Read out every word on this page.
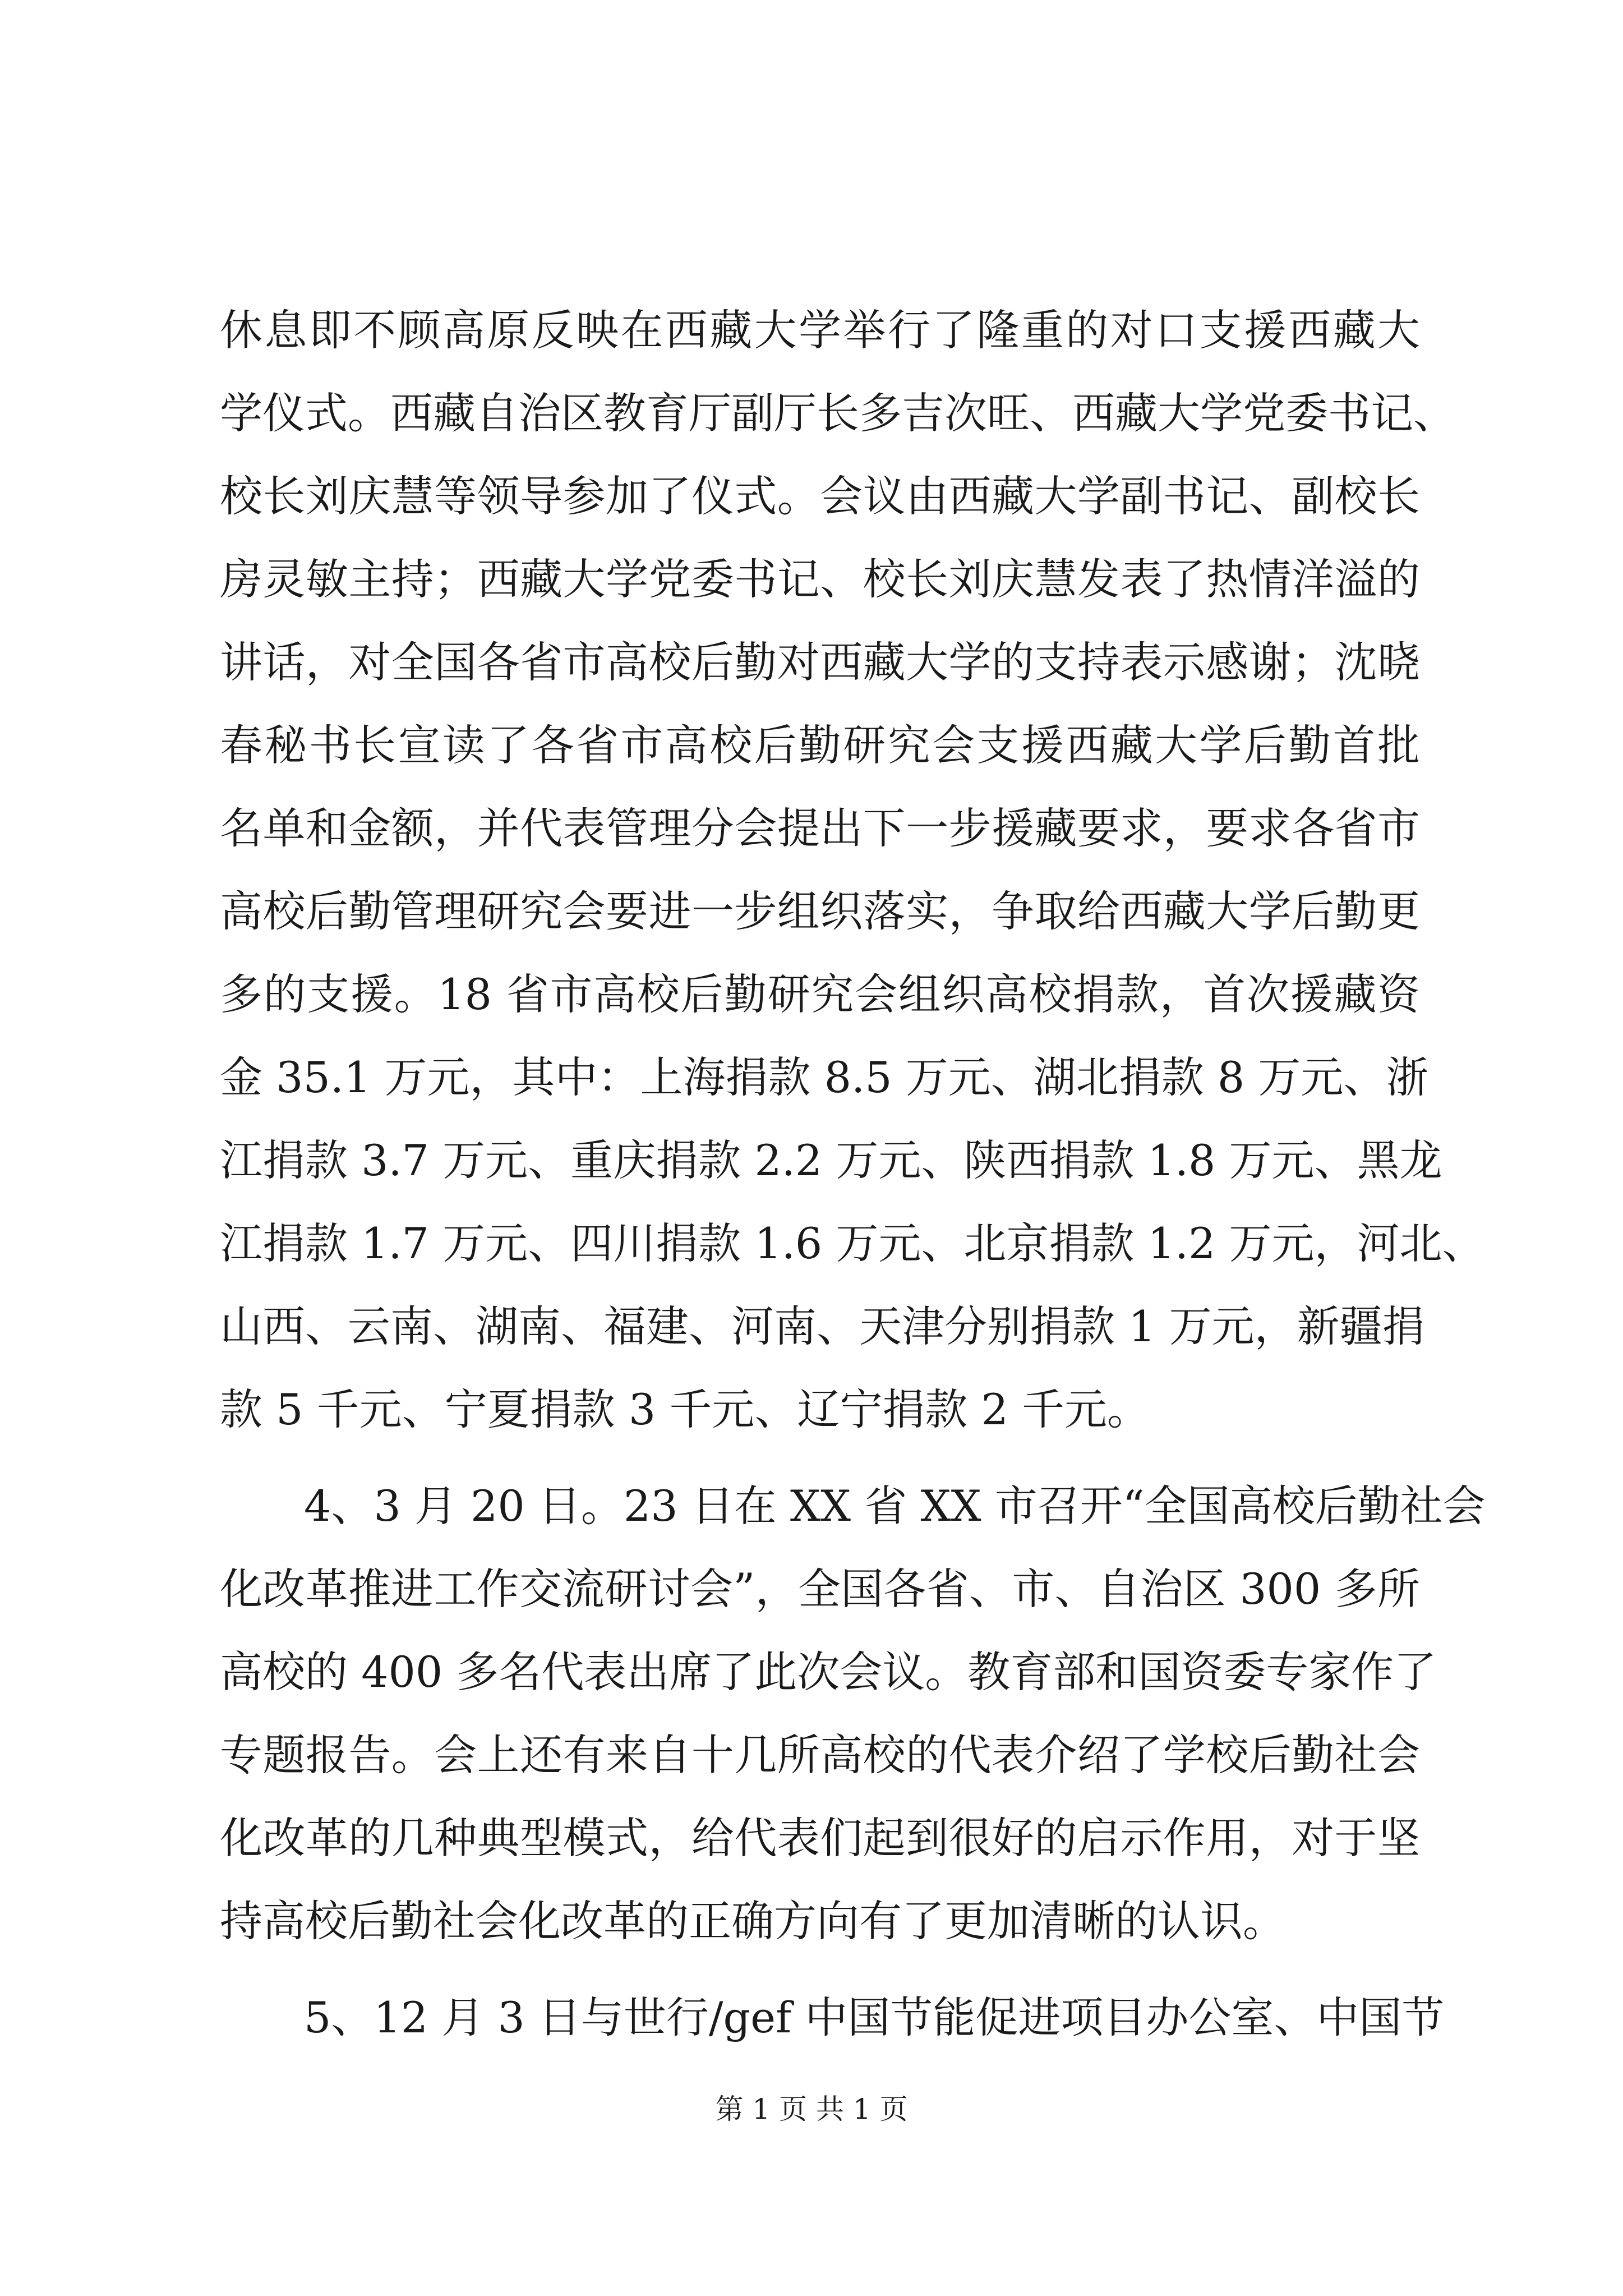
休息即不顾高原反映在西藏大学举行了隆重的对口支援西藏大
学仪式。西藏自治区教育厅副厅长多吉次旺、西藏大学党委书记、
校长刘庆慧等领导参加了仪式。会议由西藏大学副书记、副校长
房灵敏主持；西藏大学党委书记、校长刘庆慧发表了热情洋溢的
讲话，对全国各省市高校后勤对西藏大学的支持表示感谢；沈晓
春秘书长宣读了各省市高校后勤研究会支援西藏大学后勤首批
名单和金额，并代表管理分会提出下一步援藏要求，要求各省市
高校后勤管理研究会要进一步组织落实，争取给西藏大学后勤更
多的支援。18 省市高校后勤研究会组织高校捐款，首次援藏资
金 35.1 万元，其中：上海捐款 8.5 万元、湖北捐款 8 万元、浙
江捐款 3.7 万元、重庆捐款 2.2 万元、陕西捐款 1.8 万元、黑龙
江捐款 1.7 万元、四川捐款 1.6 万元、北京捐款 1.2 万元，河北、
山西、云南、湖南、福建、河南、天津分别捐款 1 万元，新疆捐
款 5 千元、宁夏捐款 3 千元、辽宁捐款 2 千元。
4、3 月 20 日。23 日在 XX 省 XX 市召开“全国高校后勤社会
化改革推进工作交流研讨会”，全国各省、市、自治区 300 多所
高校的 400 多名代表出席了此次会议。教育部和国资委专家作了
专题报告。会上还有来自十几所高校的代表介绍了学校后勤社会
化改革的几种典型模式，给代表们起到很好的启示作用，对于坚
持高校后勤社会化改革的正确方向有了更加清晰的认识。
5、12 月 3 日与世行/gef 中国节能促进项目办公室、中国节
第 1 页 共 1 页
